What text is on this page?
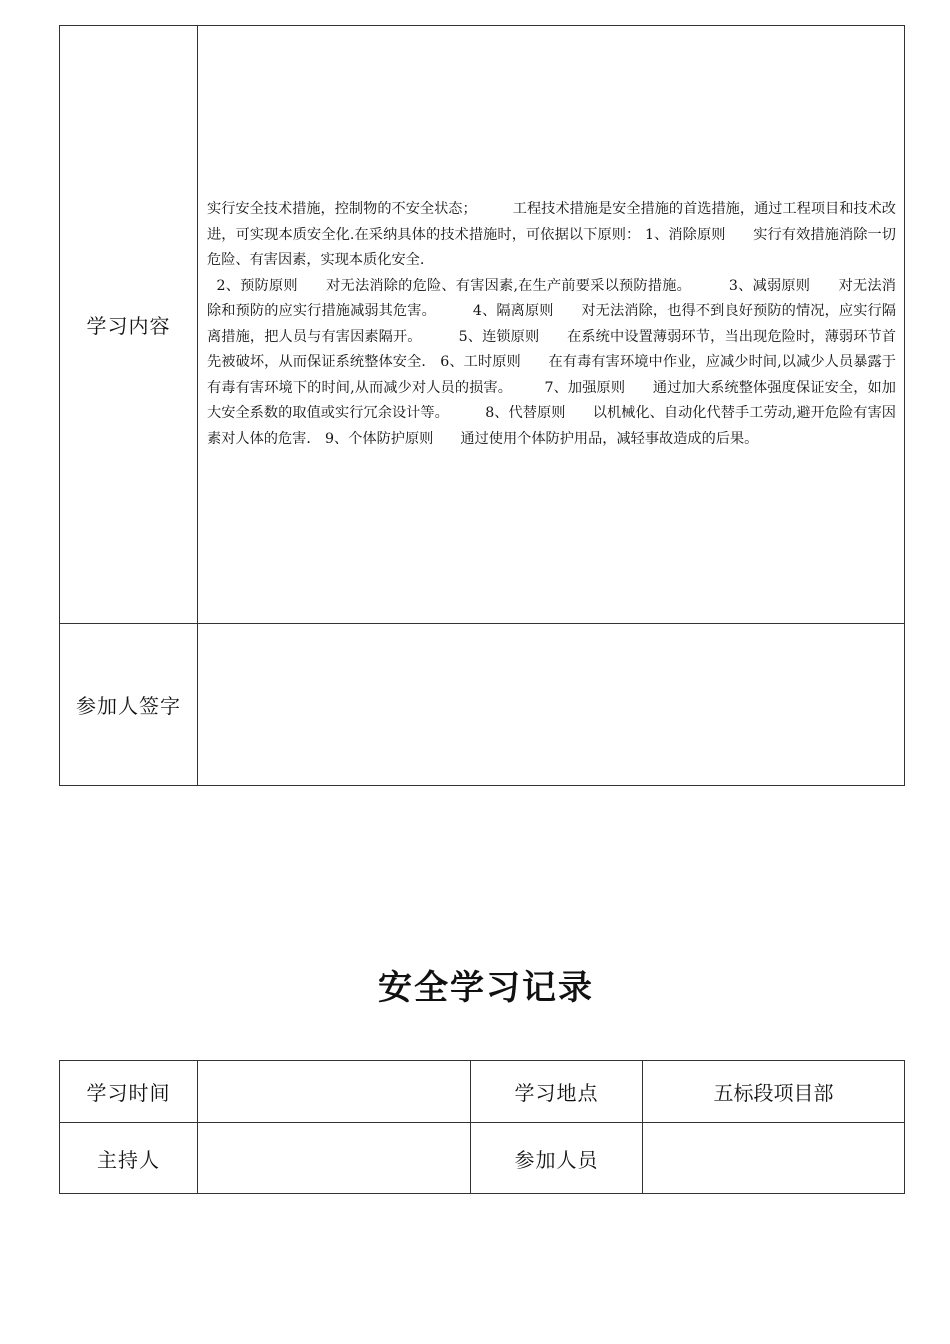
学习内容	实行安全技术措施，控制物的不安全状态；        工程技术措施是安全措施的首选措施，通过工程项目和技术改进，可实现本质安全化.在采纳具体的技术措施时，可依据以下原则： 1、消除原则      实行有效措施消除一切危险、有害因素，实现本质化安全.
2、预防原则      对无法消除的危险、有害因素,在生产前要采以预防措施。        3、减弱原则      对无法消除和预防的应实行措施减弱其危害。        4、隔离原则      对无法消除，也得不到良好预防的情况，应实行隔离措施，把人员与有害因素隔开。        5、连锁原则      在系统中设置薄弱环节，当出现危险时，薄弱环节首先被破坏，从而保证系统整体安全． 6、工时原则      在有毒有害环境中作业，应减少时间,以减少人员暴露于有毒有害环境下的时间,从而减少对人员的损害。       7、加强原则      通过加大系统整体强度保证安全，如加大安全系数的取值或实行冗余设计等。        8、代替原则      以机械化、自动化代替手工劳动,避开危险有害因素对人体的危害． 9、个体防护原则      通过使用个体防护用品，减轻事故造成的后果。

参加人签字	
安全学习记录
学习时间		学习地点	五标段项目部
主持人		参加人员	
